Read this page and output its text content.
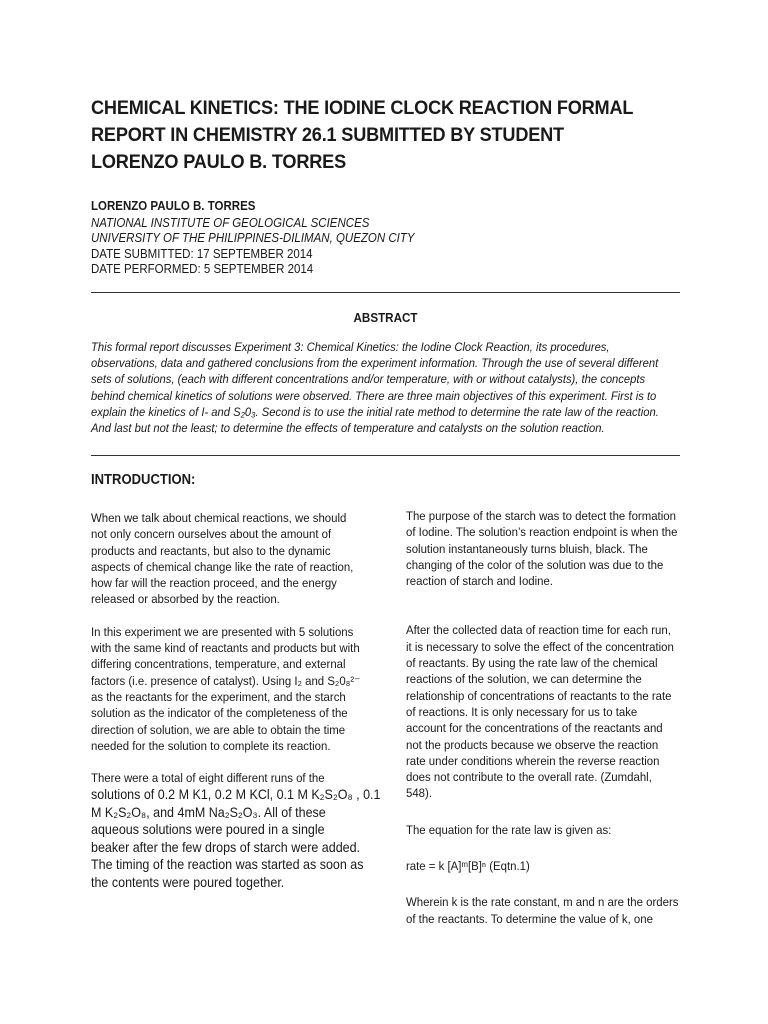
CHEMICAL KINETICS: THE IODINE CLOCK REACTION FORMAL
REPORT IN CHEMISTRY 26.1 SUBMITTED BY STUDENT
LORENZO PAULO B. TORRES
LORENZO PAULO B. TORRES
NATIONAL INSTITUTE OF GEOLOGICAL SCIENCES
UNIVERSITY OF THE PHILIPPINES-DILIMAN, QUEZON CITY
DATE SUBMITTED: 17 SEPTEMBER 2014
DATE PERFORMED: 5 SEPTEMBER 2014
ABSTRACT
This formal report discusses Experiment 3: Chemical Kinetics: the Iodine Clock Reaction, its procedures,
observations, data and gathered conclusions from the experiment information. Through the use of several different
sets of solutions, (each with different concentrations and/or temperature, with or without catalysts), the concepts
behind chemical kinetics of solutions were observed. There are three main objectives of this experiment. First is to
explain the kinetics of I- and S₂0₃. Second is to use the initial rate method to determine the rate law of the reaction.
And last but not the least; to determine the effects of temperature and catalysts on the solution reaction.
INTRODUCTION:
When we talk about chemical reactions, we should
not only concern ourselves about the amount of
products and reactants, but also to the dynamic
aspects of chemical change like the rate of reaction,
how far will the reaction proceed, and the energy
released or absorbed by the reaction.
In this experiment we are presented with 5 solutions
with the same kind of reactants and products but with
differing concentrations, temperature, and external
factors (i.e. presence of catalyst). Using I₂ and S₂0₈²⁻
as the reactants for the experiment, and the starch
solution as the indicator of the completeness of the
direction of solution, we are able to obtain the time
needed for the solution to complete its reaction.
There were a total of eight different runs of the
solutions of 0.2 M K1, 0.2 M KCl, 0.1 M K₂S₂O₈ , 0.1
M K₂S₂O₈, and 4mM Na₂S₂O₃. All of these
aqueous solutions were poured in a single
beaker after the few drops of starch were added.
The timing of the reaction was started as soon as
the contents were poured together.
The purpose of the starch was to detect the formation
of Iodine. The solution’s reaction endpoint is when the
solution instantaneously turns bluish, black. The
changing of the color of the solution was due to the
reaction of starch and Iodine.
After the collected data of reaction time for each run,
it is necessary to solve the effect of the concentration
of reactants. By using the rate law of the chemical
reactions of the solution, we can determine the
relationship of concentrations of reactants to the rate
of reactions. It is only necessary for us to take
account for the concentrations of the reactants and
not the products because we observe the reaction
rate under conditions wherein the reverse reaction
does not contribute to the overall rate. (Zumdahl,
548).
The equation for the rate law is given as:
rate = k [A]ᵐ[B]ⁿ (Eqtn.1)
Wherein k is the rate constant, m and n are the orders
of the reactants. To determine the value of k, one
